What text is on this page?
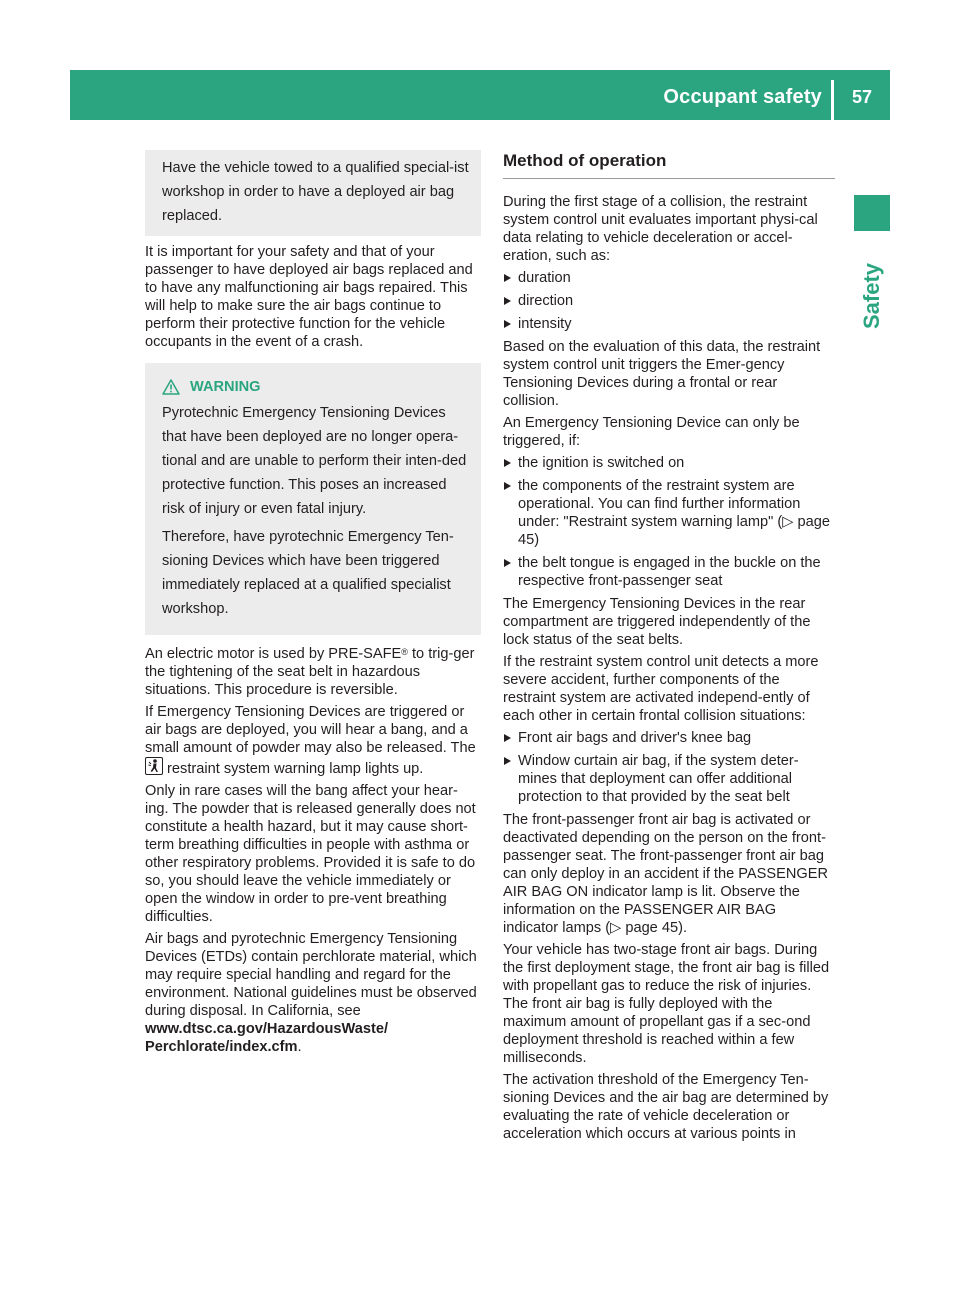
Occupant safety 57
Safety
Have the vehicle towed to a qualified special-ist workshop in order to have a deployed air bag replaced.

It is important for your safety and that of your passenger to have deployed air bags replaced and to have any malfunctioning air bags repaired. This will help to make sure the air bags continue to perform their protective function for the vehicle occupants in the event of a crash.

WARNING

Pyrotechnic Emergency Tensioning Devices that have been deployed are no longer opera-tional and are unable to perform their inten-ded protective function. This poses an increased risk of injury or even fatal injury.

Therefore, have pyrotechnic Emergency Ten-sioning Devices which have been triggered immediately replaced at a qualified specialist workshop.

An electric motor is used by PRE-SAFE® to trig-ger the tightening of the seat belt in hazardous situations. This procedure is reversible.

If Emergency Tensioning Devices are triggered or air bags are deployed, you will hear a bang, and a small amount of powder may also be released. The
restraint system warning lamp lights up.

Only in rare cases will the bang affect your hear-ing. The powder that is released generally does not constitute a health hazard, but it may cause short-term breathing difficulties in people with asthma or other respiratory problems. Provided it is safe to do so, you should leave the vehicle immediately or open the window in order to pre-vent breathing difficulties.

Air bags and pyrotechnic Emergency Tensioning Devices (ETDs) contain perchlorate material, which may require special handling and regard for the environment. National guidelines must be observed during disposal. In California, see www.dtsc.ca.gov/HazardousWaste/ Perchlorate/index.cfm.

Method of operation

During the first stage of a collision, the restraint system control unit evaluates important physi-cal data relating to vehicle deceleration or accel-eration, such as:

duration
direction
intensity

Based on the evaluation of this data, the restraint system control unit triggers the Emer-gency Tensioning Devices during a frontal or rear collision.

An Emergency Tensioning Device can only be triggered, if:

the ignition is switched on
the components of the restraint system are operational. You can find further information under: "Restraint system warning lamp" (▷ page 45)
the belt tongue is engaged in the buckle on the respective front-passenger seat

The Emergency Tensioning Devices in the rear compartment are triggered independently of the lock status of the seat belts.

If the restraint system control unit detects a more severe accident, further components of the restraint system are activated independ-ently of each other in certain frontal collision situations:

Front air bags and driver's knee bag
Window curtain air bag, if the system deter-mines that deployment can offer additional protection to that provided by the seat belt

The front-passenger front air bag is activated or deactivated depending on the person on the front-passenger seat. The front-passenger front air bag can only deploy in an accident if the PASSENGER AIR BAG ON indicator lamp is lit. Observe the information on the PASSENGER AIR BAG indicator lamps (▷ page 45).

Your vehicle has two-stage front air bags. During the first deployment stage, the front air bag is filled with propellant gas to reduce the risk of injuries. The front air bag is fully deployed with the maximum amount of propellant gas if a sec-ond deployment threshold is reached within a few milliseconds.

The activation threshold of the Emergency Ten-sioning Devices and the air bag are determined by evaluating the rate of vehicle deceleration or acceleration which occurs at various points in
